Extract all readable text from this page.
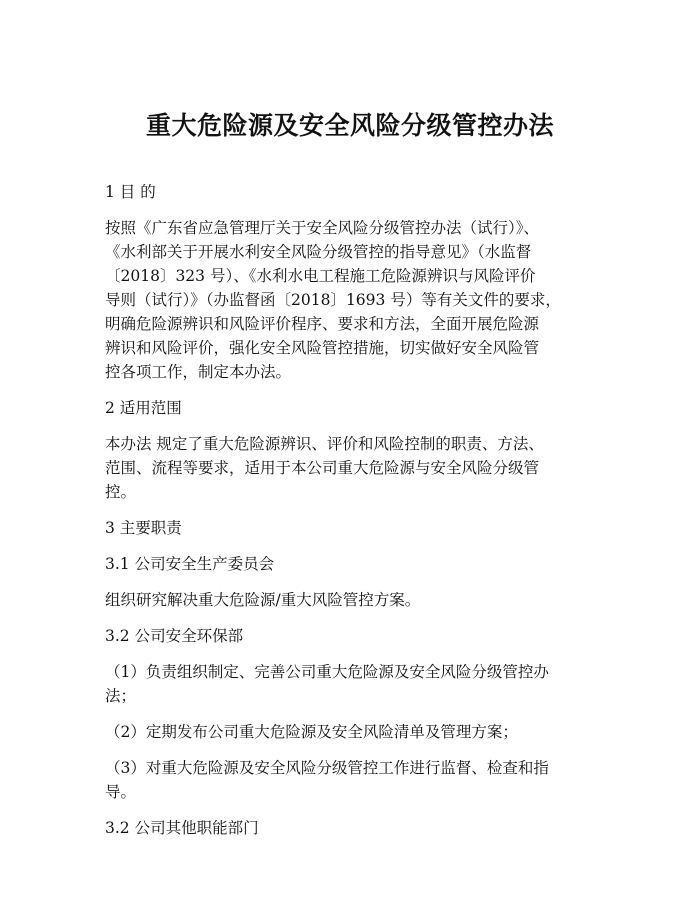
重大危险源及安全风险分级管控办法

1 目 的

按照《广东省应急管理厅关于安全风险分级管控办法（试行）》、
《水利部关于开展水利安全风险分级管控的指导意见》（水监督
〔2018〕323 号）、《水利水电工程施工危险源辨识与风险评价
导则（试行）》（办监督函〔2018〕1693 号）等有关文件的要求，
明确危险源辨识和风险评价程序、要求和方法，全面开展危险源
辨识和风险评价，强化安全风险管控措施，切实做好安全风险管
控各项工作，制定本办法。

2 适用范围

本办法 规定了重大危险源辨识、评价和风险控制的职责、方法、
范围、流程等要求，适用于本公司重大危险源与安全风险分级管
控。

3 主要职责

3.1 公司安全生产委员会

组织研究解决重大危险源/重大风险管控方案。

3.2 公司安全环保部

（1）负责组织制定、完善公司重大危险源及安全风险分级管控办
法；

（2）定期发布公司重大危险源及安全风险清单及管理方案；

（3）对重大危险源及安全风险分级管控工作进行监督、检查和指
导。

3.2 公司其他职能部门
